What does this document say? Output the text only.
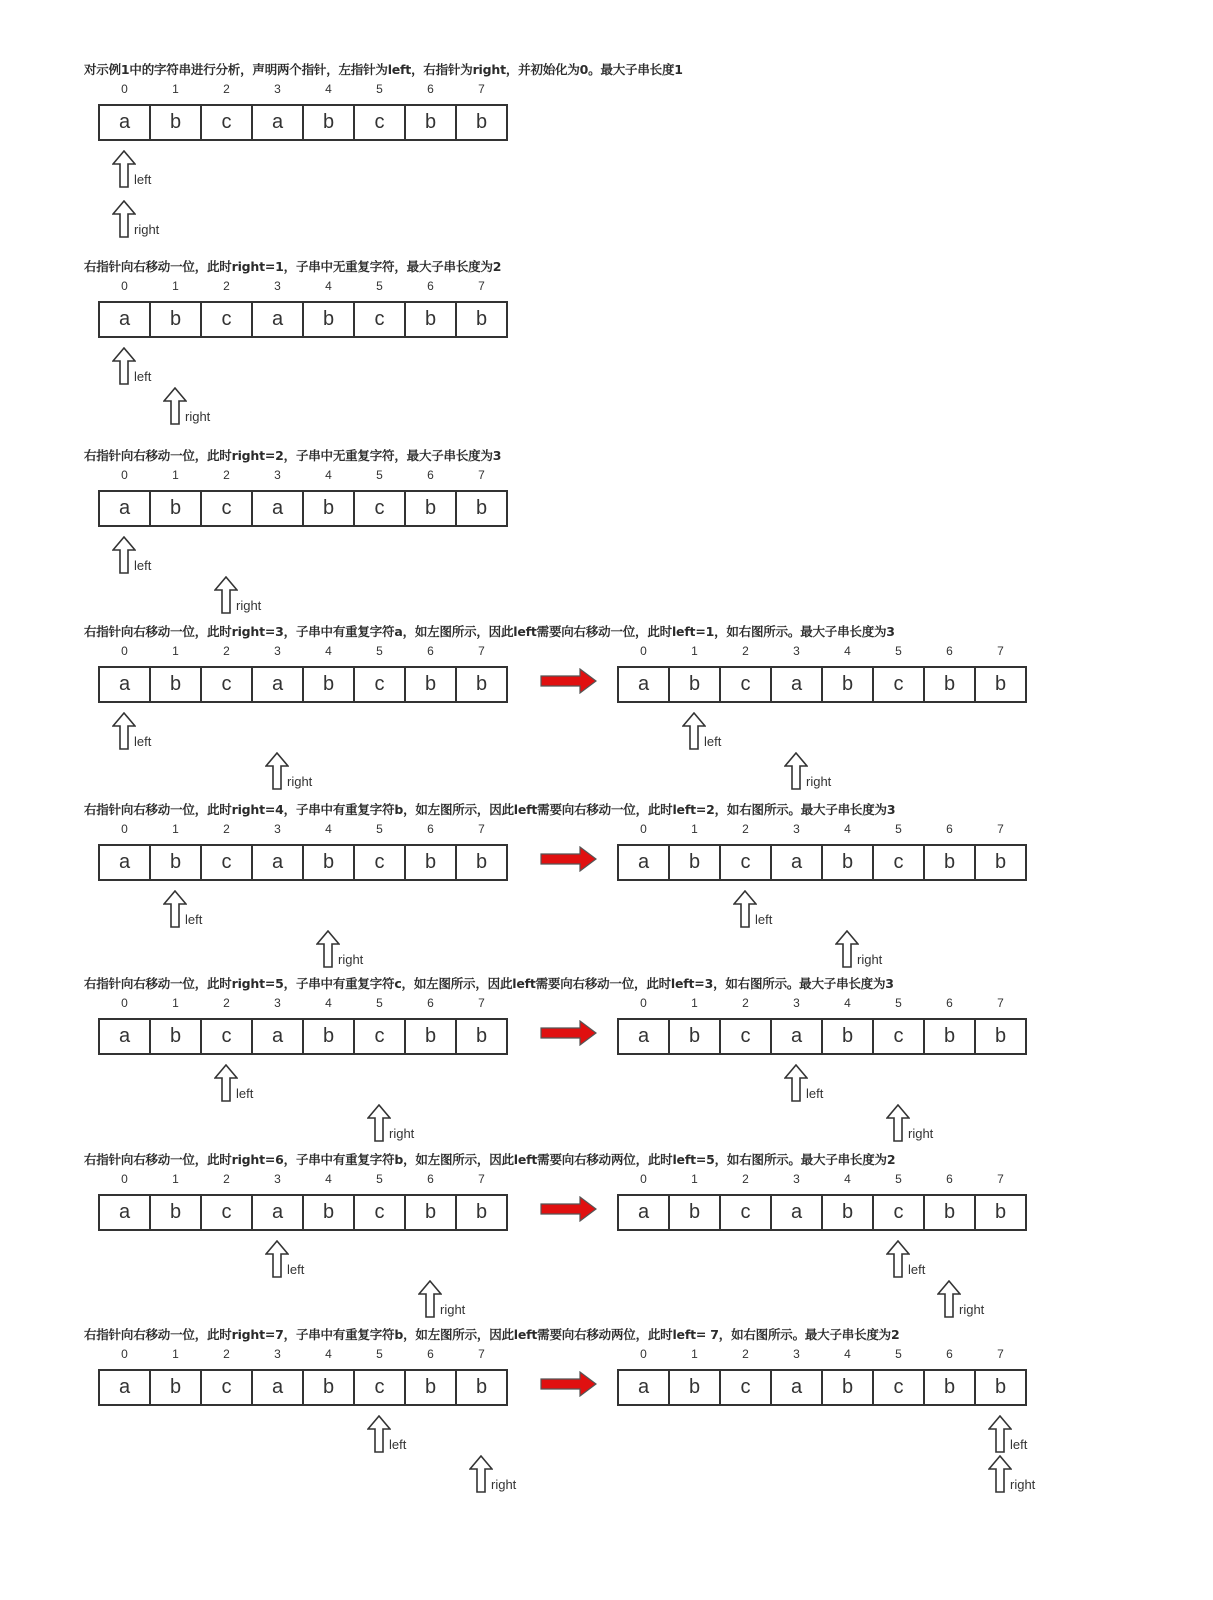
对示例1中的字符串进行分析，声明两个指针，左指针为left，右指针为right，并初始化为0。最大子串长度1
0	1	2	3	4	5	6	7
a	b	c	a	b	c	b	b
left
right
右指针向右移动一位，此时right=1，子串中无重复字符，最大子串长度为2
0	1	2	3	4	5	6	7
a	b	c	a	b	c	b	b
left
right
右指针向右移动一位，此时right=2，子串中无重复字符，最大子串长度为3
0	1	2	3	4	5	6	7
a	b	c	a	b	c	b	b
left
right
右指针向右移动一位，此时right=3，子串中有重复字符a，如左图所示，因此left需要向右移动一位，此时left=1，如右图所示。最大子串长度为3
0	1	2	3	4	5	6	7
a	b	c	a	b	c	b	b
left
right
0	1	2	3	4	5	6	7
a	b	c	a	b	c	b	b
left
right
右指针向右移动一位，此时right=4，子串中有重复字符b，如左图所示，因此left需要向右移动一位，此时left=2，如右图所示。最大子串长度为3
0	1	2	3	4	5	6	7
a	b	c	a	b	c	b	b
left
right
0	1	2	3	4	5	6	7
a	b	c	a	b	c	b	b
left
right
右指针向右移动一位，此时right=5，子串中有重复字符c，如左图所示，因此left需要向右移动一位，此时left=3，如右图所示。最大子串长度为3
0	1	2	3	4	5	6	7
a	b	c	a	b	c	b	b
left
right
0	1	2	3	4	5	6	7
a	b	c	a	b	c	b	b
left
right
右指针向右移动一位，此时right=6，子串中有重复字符b，如左图所示，因此left需要向右移动两位，此时left=5，如右图所示。最大子串长度为2
0	1	2	3	4	5	6	7
a	b	c	a	b	c	b	b
left
right
0	1	2	3	4	5	6	7
a	b	c	a	b	c	b	b
left
right
右指针向右移动一位，此时right=7，子串中有重复字符b，如左图所示，因此left需要向右移动两位，此时left= 7，如右图所示。最大子串长度为2
0	1	2	3	4	5	6	7
a	b	c	a	b	c	b	b
left
right
0	1	2	3	4	5	6	7
a	b	c	a	b	c	b	b
left
right
